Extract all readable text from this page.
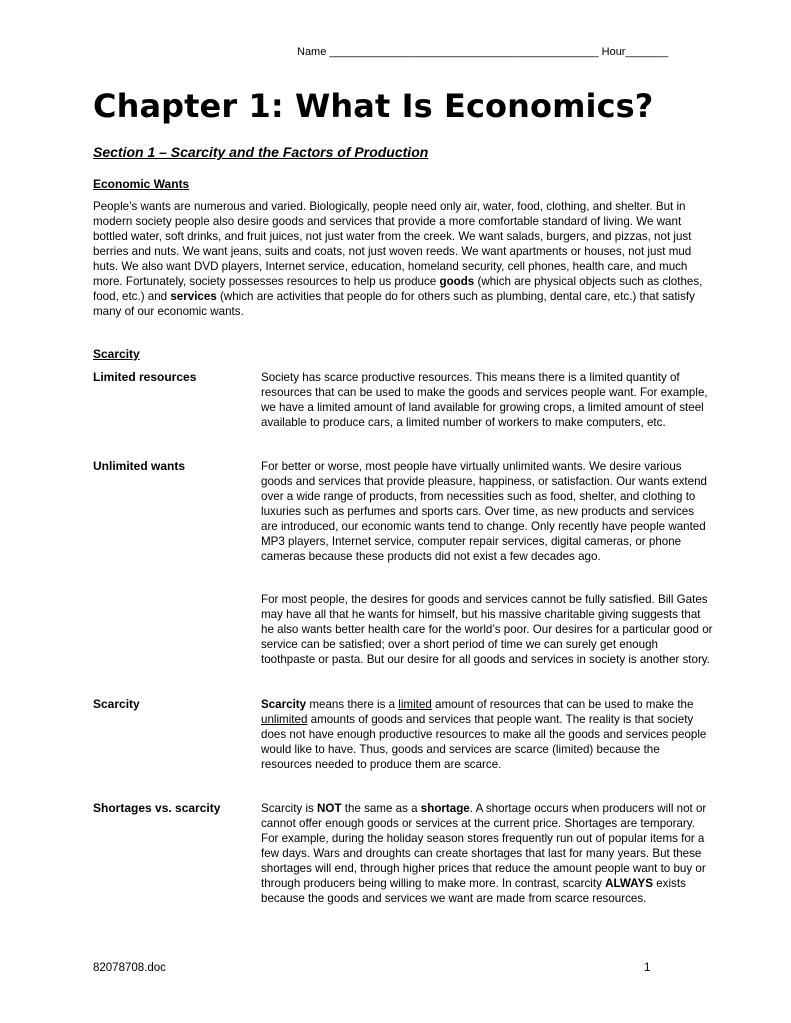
Name ____________________________________________ Hour_______
Chapter 1: What Is Economics?
Section 1 – Scarcity and the Factors of Production
Economic Wants

People’s wants are numerous and varied. Biologically, people need only air, water, food, clothing, and shelter. But in modern society people also desire goods and services that provide a more comfortable standard of living. We want bottled water, soft drinks, and fruit juices, not just water from the creek. We want salads, burgers, and pizzas, not just berries and nuts. We want jeans, suits and coats, not just woven reeds. We want apartments or houses, not just mud huts. We also want DVD players, Internet service, education, homeland security, cell phones, health care, and much more. Fortunately, society possesses resources to help us produce goods (which are physical objects such as clothes, food, etc.) and services (which are activities that people do for others such as plumbing, dental care, etc.) that satisfy many of our economic wants.

Scarcity
Limited resources	Society has scarce productive resources. This means there is a limited quantity of resources that can be used to make the goods and services people want. For example, we have a limited amount of land available for growing crops, a limited amount of steel available to produce cars, a limited number of workers to make computers, etc.

Unlimited wants	For better or worse, most people have virtually unlimited wants. We desire various goods and services that provide pleasure, happiness, or satisfaction. Our wants extend over a wide range of products, from necessities such as food, shelter, and clothing to luxuries such as perfumes and sports cars. Over time, as new products and services are introduced, our economic wants tend to change. Only recently have people wanted MP3 players, Internet service, computer repair services, digital cameras, or phone cameras because these products did not exist a few decades ago.

For most people, the desires for goods and services cannot be fully satisfied. Bill Gates may have all that he wants for himself, but his massive charitable giving suggests that he also wants better health care for the world’s poor. Our desires for a particular good or service can be satisfied; over a short period of time we can surely get enough toothpaste or pasta. But our desire for all goods and services in society is another story.

Scarcity	Scarcity means there is a limited amount of resources that can be used to make the unlimited amounts of goods and services that people want. The reality is that society does not have enough productive resources to make all the goods and services people would like to have. Thus, goods and services are scarce (limited) because the resources needed to produce them are scarce.

Shortages vs. scarcity	Scarcity is NOT the same as a shortage. A shortage occurs when producers will not or cannot offer enough goods or services at the current price. Shortages are temporary. For example, during the holiday season stores frequently run out of popular items for a few days. Wars and droughts can create shortages that last for many years. But these shortages will end, through higher prices that reduce the amount people want to buy or through producers being willing to make more. In contrast, scarcity ALWAYS exists because the goods and services we want are made from scarce resources.

82078708.doc	1
